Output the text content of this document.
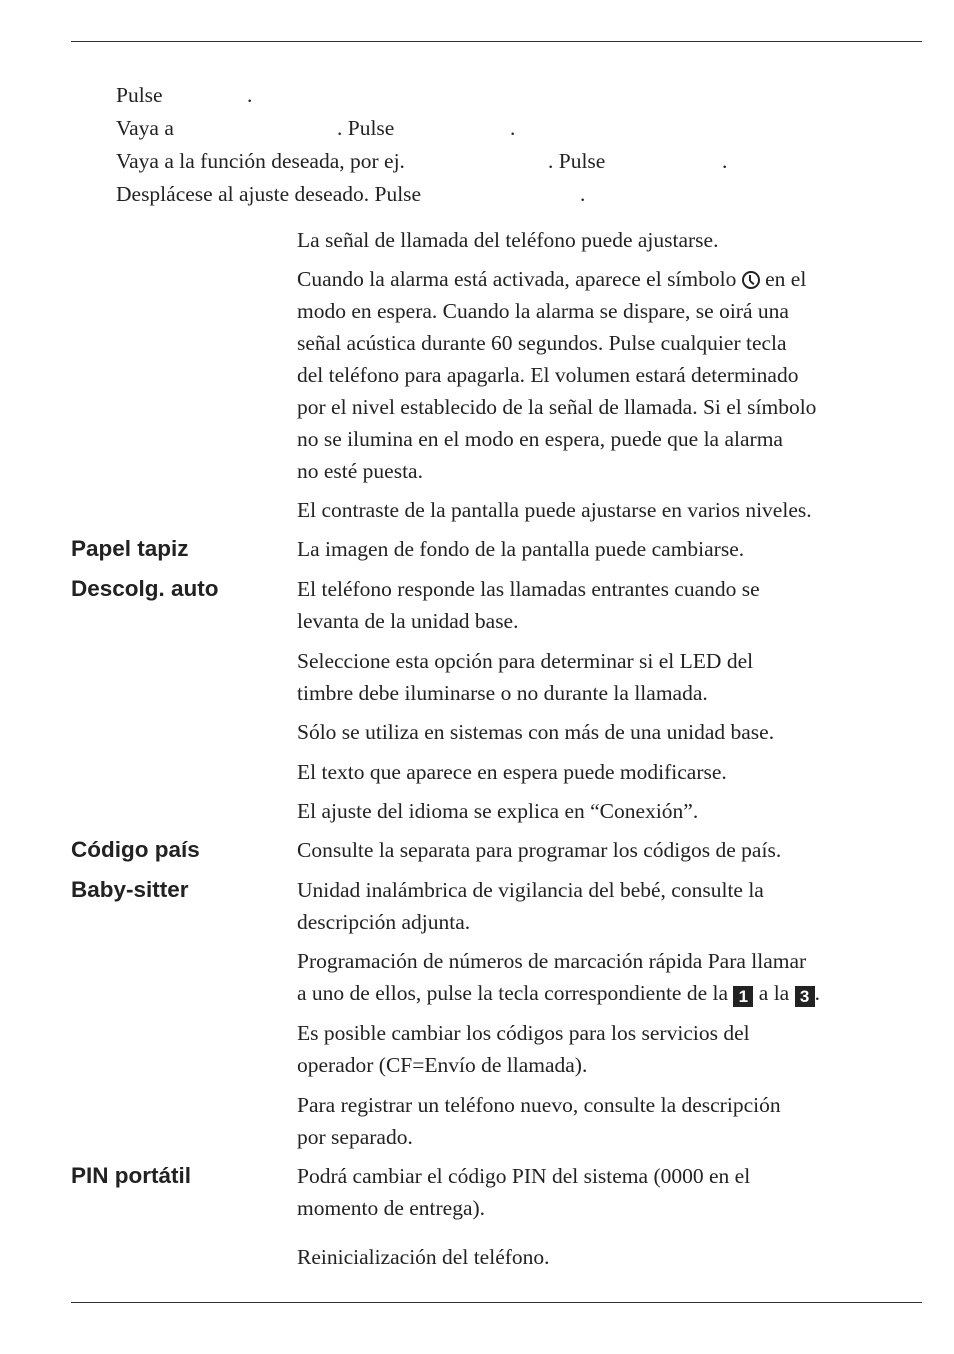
Pulse	.
Vaya a	. Pulse	.
Vaya a la función deseada, por ej.	. Pulse	.
Desplácese al ajuste deseado. Pulse	.
La señal de llamada del teléfono puede ajustarse.
Cuando la alarma está activada, aparece el símbolo en el
modo en espera. Cuando la alarma se dispare, se oirá una
señal acústica durante 60 segundos. Pulse cualquier tecla
del teléfono para apagarla. El volumen estará determinado
por el nivel establecido de la señal de llamada. Si el símbolo
no se ilumina en el modo en espera, puede que la alarma
no esté puesta.
El contraste de la pantalla puede ajustarse en varios niveles.
Papel tapiz	La imagen de fondo de la pantalla puede cambiarse.
Descolg. auto	El teléfono responde las llamadas entrantes cuando se
levanta de la unidad base.
Seleccione esta opción para determinar si el LED del
timbre debe iluminarse o no durante la llamada.
Sólo se utiliza en sistemas con más de una unidad base.
El texto que aparece en espera puede modificarse.
El ajuste del idioma se explica en “Conexión”.
Código país	Consulte la separata para programar los códigos de país.
Baby-sitter	Unidad inalámbrica de vigilancia del bebé, consulte la
descripción adjunta.
Programación de números de marcación rápida Para llamar
a uno de ellos, pulse la tecla correspondiente de la 1 a la 3 .
Es posible cambiar los códigos para los servicios del
operador (CF=Envío de llamada).
Para registrar un teléfono nuevo, consulte la descripción
por separado.
PIN portátil	Podrá cambiar el código PIN del sistema (0000 en el
momento de entrega).
Reinicialización del teléfono.
